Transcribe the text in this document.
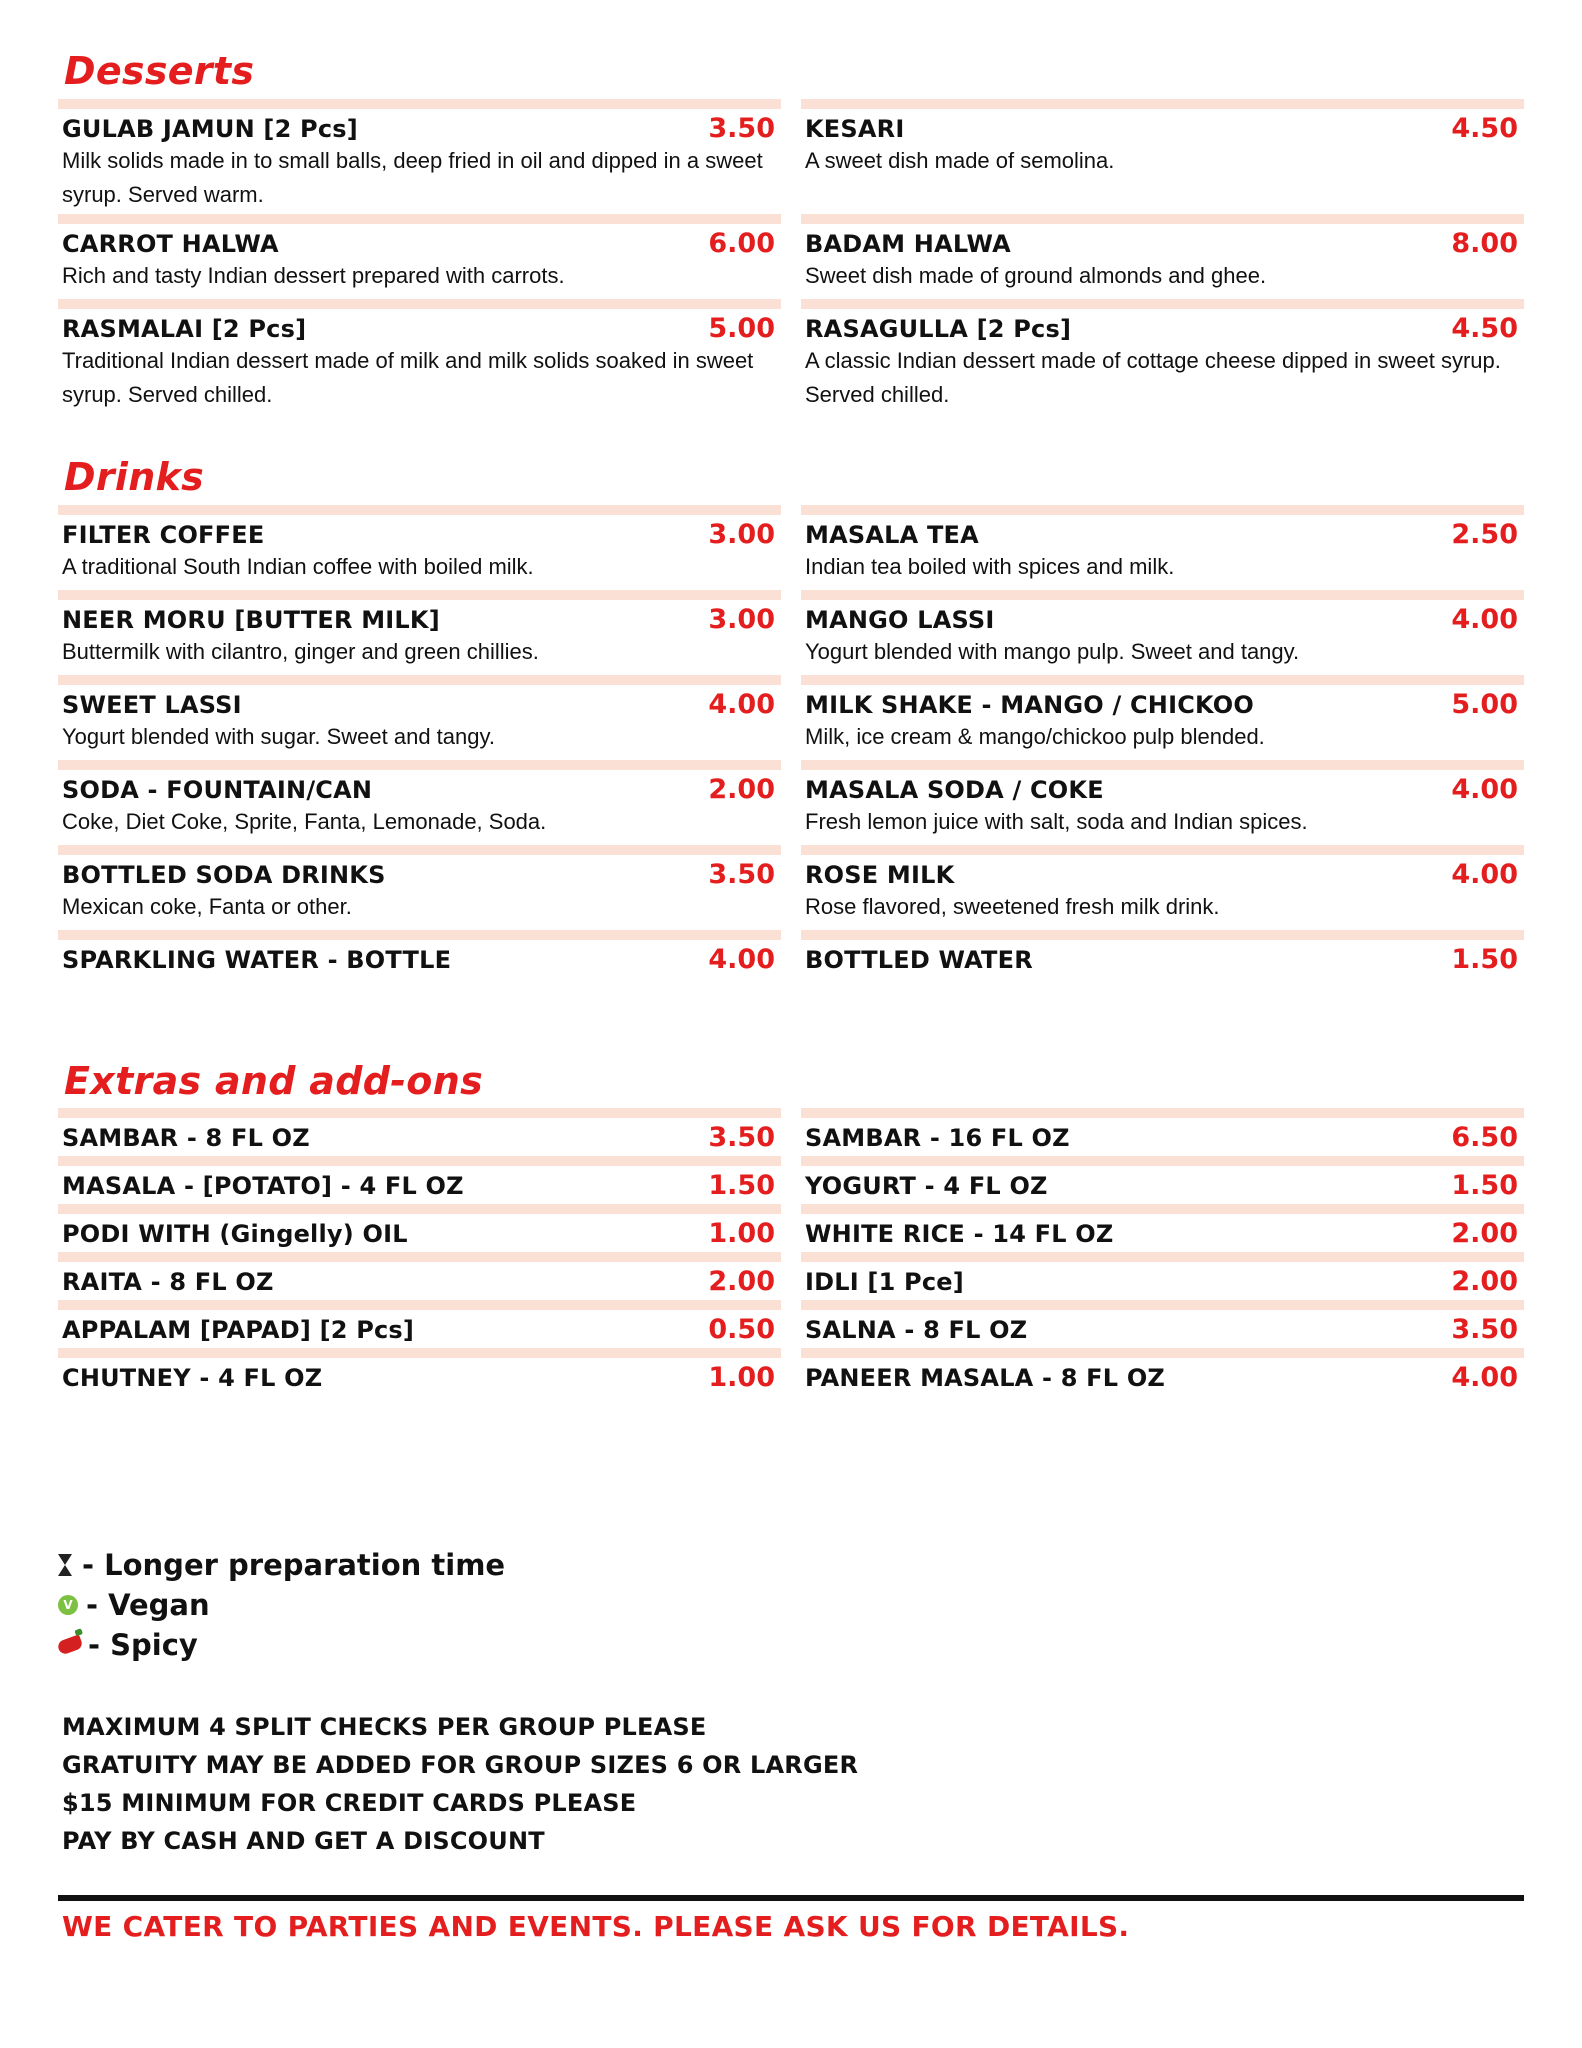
Desserts
GULAB JAMUN [2 Pcs]	3.50
Milk solids made in to small balls, deep fried in oil and dipped in a sweet syrup. Served warm.
CARROT HALWA	6.00
Rich and tasty Indian dessert prepared with carrots.
RASMALAI [2 Pcs]	5.00
Traditional Indian dessert made of milk and milk solids soaked in sweet syrup. Served chilled.
KESARI	4.50
A sweet dish made of semolina.
BADAM HALWA	8.00
Sweet dish made of ground almonds and ghee.
RASAGULLA [2 Pcs]	4.50
A classic Indian dessert made of cottage cheese dipped in sweet syrup. Served chilled.
Drinks
FILTER COFFEE	3.00
A traditional South Indian coffee with boiled milk.
NEER MORU [BUTTER MILK]	3.00
Buttermilk with cilantro, ginger and green chillies.
SWEET LASSI	4.00
Yogurt blended with sugar. Sweet and tangy.
SODA - FOUNTAIN/CAN	2.00
Coke, Diet Coke, Sprite, Fanta, Lemonade, Soda.
BOTTLED SODA DRINKS	3.50
Mexican coke, Fanta or other.
SPARKLING WATER - BOTTLE	4.00
MASALA TEA	2.50
Indian tea boiled with spices and milk.
MANGO LASSI	4.00
Yogurt blended with mango pulp. Sweet and tangy.
MILK SHAKE - MANGO / CHICKOO	5.00
Milk, ice cream & mango/chickoo pulp blended.
MASALA SODA / COKE	4.00
Fresh lemon juice with salt, soda and Indian spices.
ROSE MILK	4.00
Rose flavored, sweetened fresh milk drink.
BOTTLED WATER	1.50
Extras and add-ons
SAMBAR - 8 FL OZ	3.50
MASALA - [POTATO] - 4 FL OZ	1.50
PODI WITH (Gingelly) OIL	1.00
RAITA - 8 FL OZ	2.00
APPALAM [PAPAD] [2 Pcs]	0.50
CHUTNEY - 4 FL OZ	1.00
SAMBAR - 16 FL OZ	6.50
YOGURT - 4 FL OZ	1.50
WHITE RICE - 14 FL OZ	2.00
IDLI [1 Pce]	2.00
SALNA - 8 FL OZ	3.50
PANEER MASALA - 8 FL OZ	4.00
- Longer preparation time
V - Vegan
- Spicy
MAXIMUM 4 SPLIT CHECKS PER GROUP PLEASE
GRATUITY MAY BE ADDED FOR GROUP SIZES 6 OR LARGER
$15 MINIMUM FOR CREDIT CARDS PLEASE
PAY BY CASH AND GET A DISCOUNT
WE CATER TO PARTIES AND EVENTS. PLEASE ASK US FOR DETAILS.
